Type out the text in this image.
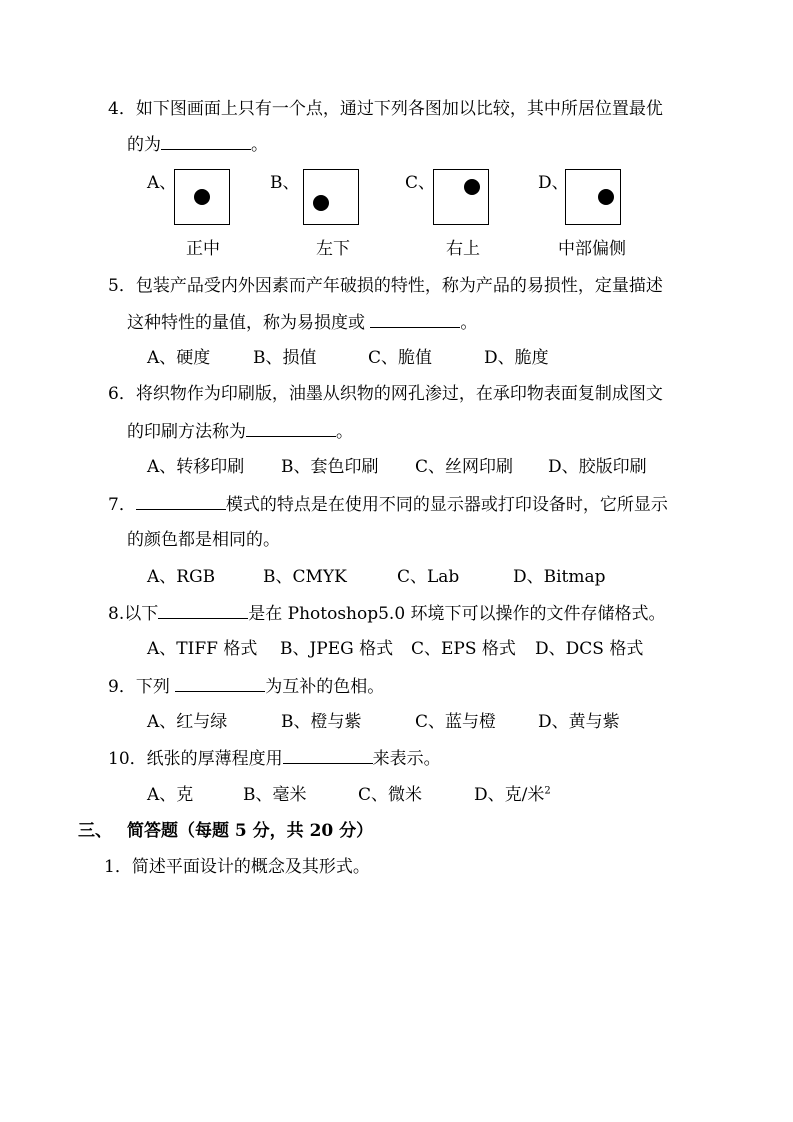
4．如下图画面上只有一个点，通过下列各图加以比较，其中所居位置最优
的为	。
A、	B、	C、	D、
正中	左下	右上	中部偏侧
5．包装产品受内外因素而产年破损的特性，称为产品的易损性，定量描述
这种特性的量值，称为易损度或	。
A、硬度	B、损值	C、脆值	D、脆度
6．将织物作为印刷版，油墨从织物的网孔渗过，在承印物表面复制成图文
的印刷方法称为	。
A、转移印刷 B、套色印刷 C、丝网印刷 D、胶版印刷
7．	模式的特点是在使用不同的显示器或打印设备时，它所显示
的颜色都是相同的。
A、RGB	B、CMYK	C、Lab	D、Bitmap
8.以下	是在 Photoshop5.0 环境下可以操作的文件存储格式。
A、TIFF 格式 B、JPEG 格式 C、EPS 格式 D、DCS 格式
9．下列	为互补的色相。
A、红与绿	B、橙与紫	C、蓝与橙 D、黄与紫
10．纸张的厚薄程度用	来表示。
A、克	B、毫米	C、微米	D、克/米$^2$
三、 简答题（每题 5 分，共 20 分）
1．简述平面设计的概念及其形式。
